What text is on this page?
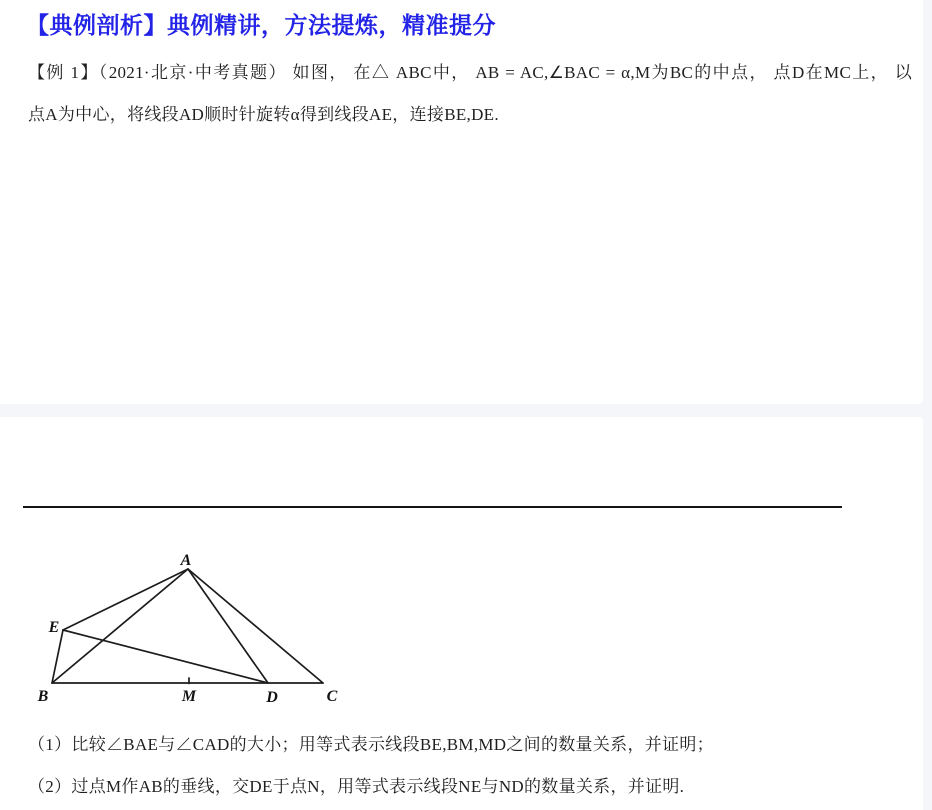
【典例剖析】典例精讲，方法提炼，精准提分
【例 1】（2021·北京·中考真题） 如图， 在△ ABC中， AB = AC,∠BAC = α,M为BC的中点， 点D在MC上， 以
点A为中心，将线段AD顺时针旋转α得到线段AE，连接BE,DE.
A
E
B	M	D	C
（1）比较∠BAE与∠CAD的大小；用等式表示线段BE,BM,MD之间的数量关系，并证明；
（2）过点M作AB的垂线，交DE于点N，用等式表示线段NE与ND的数量关系，并证明.
